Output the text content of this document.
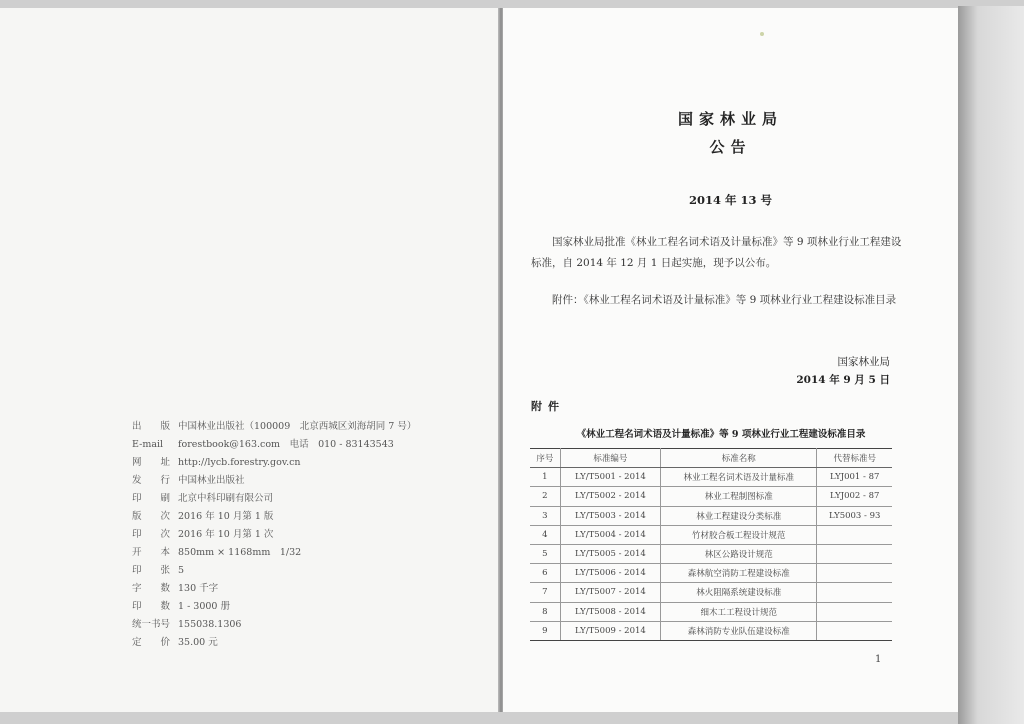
出　　版 中国林业出版社（100009　北京西城区刘海胡同 7 号）
E-mail	forestbook@163.com　电话　010 - 83143543
网　　址 http://lycb.forestry.gov.cn
发　　行 中国林业出版社
印　　刷 北京中科印刷有限公司
版　　次 2016 年 10 月第 1 版
印　　次 2016 年 10 月第 1 次
开　　本 850mm × 1168mm　1/32
印　　张 5
字　　数 130 千字
印　　数 1 - 3000 册
统一书号 155038.1306
定　　价 35.00 元
国家林业局
公告
2014 年 13 号
国家林业局批准《林业工程名词术语及计量标准》等 9 项林业行业工程建设标准，自 2014 年 12 月 1 日起实施，现予以公布。
附件：《林业工程名词术语及计量标准》等 9 项林业行业工程建设标准目录
国家林业局
2014 年 9 月 5 日
附件
《林业工程名词术语及计量标准》等 9 项林业行业工程建设标准目录
序号	标准编号	标准名称	代替标准号
1	LY/T5001 - 2014	林业工程名词术语及计量标准	LYJ001 - 87
2	LY/T5002 - 2014	林业工程制图标准	LYJ002 - 87
3	LY/T5003 - 2014	林业工程建设分类标准	LY5003 - 93
4	LY/T5004 - 2014	竹材胶合板工程设计规范	
5	LY/T5005 - 2014	林区公路设计规范	
6	LY/T5006 - 2014	森林航空消防工程建设标准	
7	LY/T5007 - 2014	林火阻隔系统建设标准	
8	LY/T5008 - 2014	细木工工程设计规范	
9	LY/T5009 - 2014	森林消防专业队伍建设标准	
1
